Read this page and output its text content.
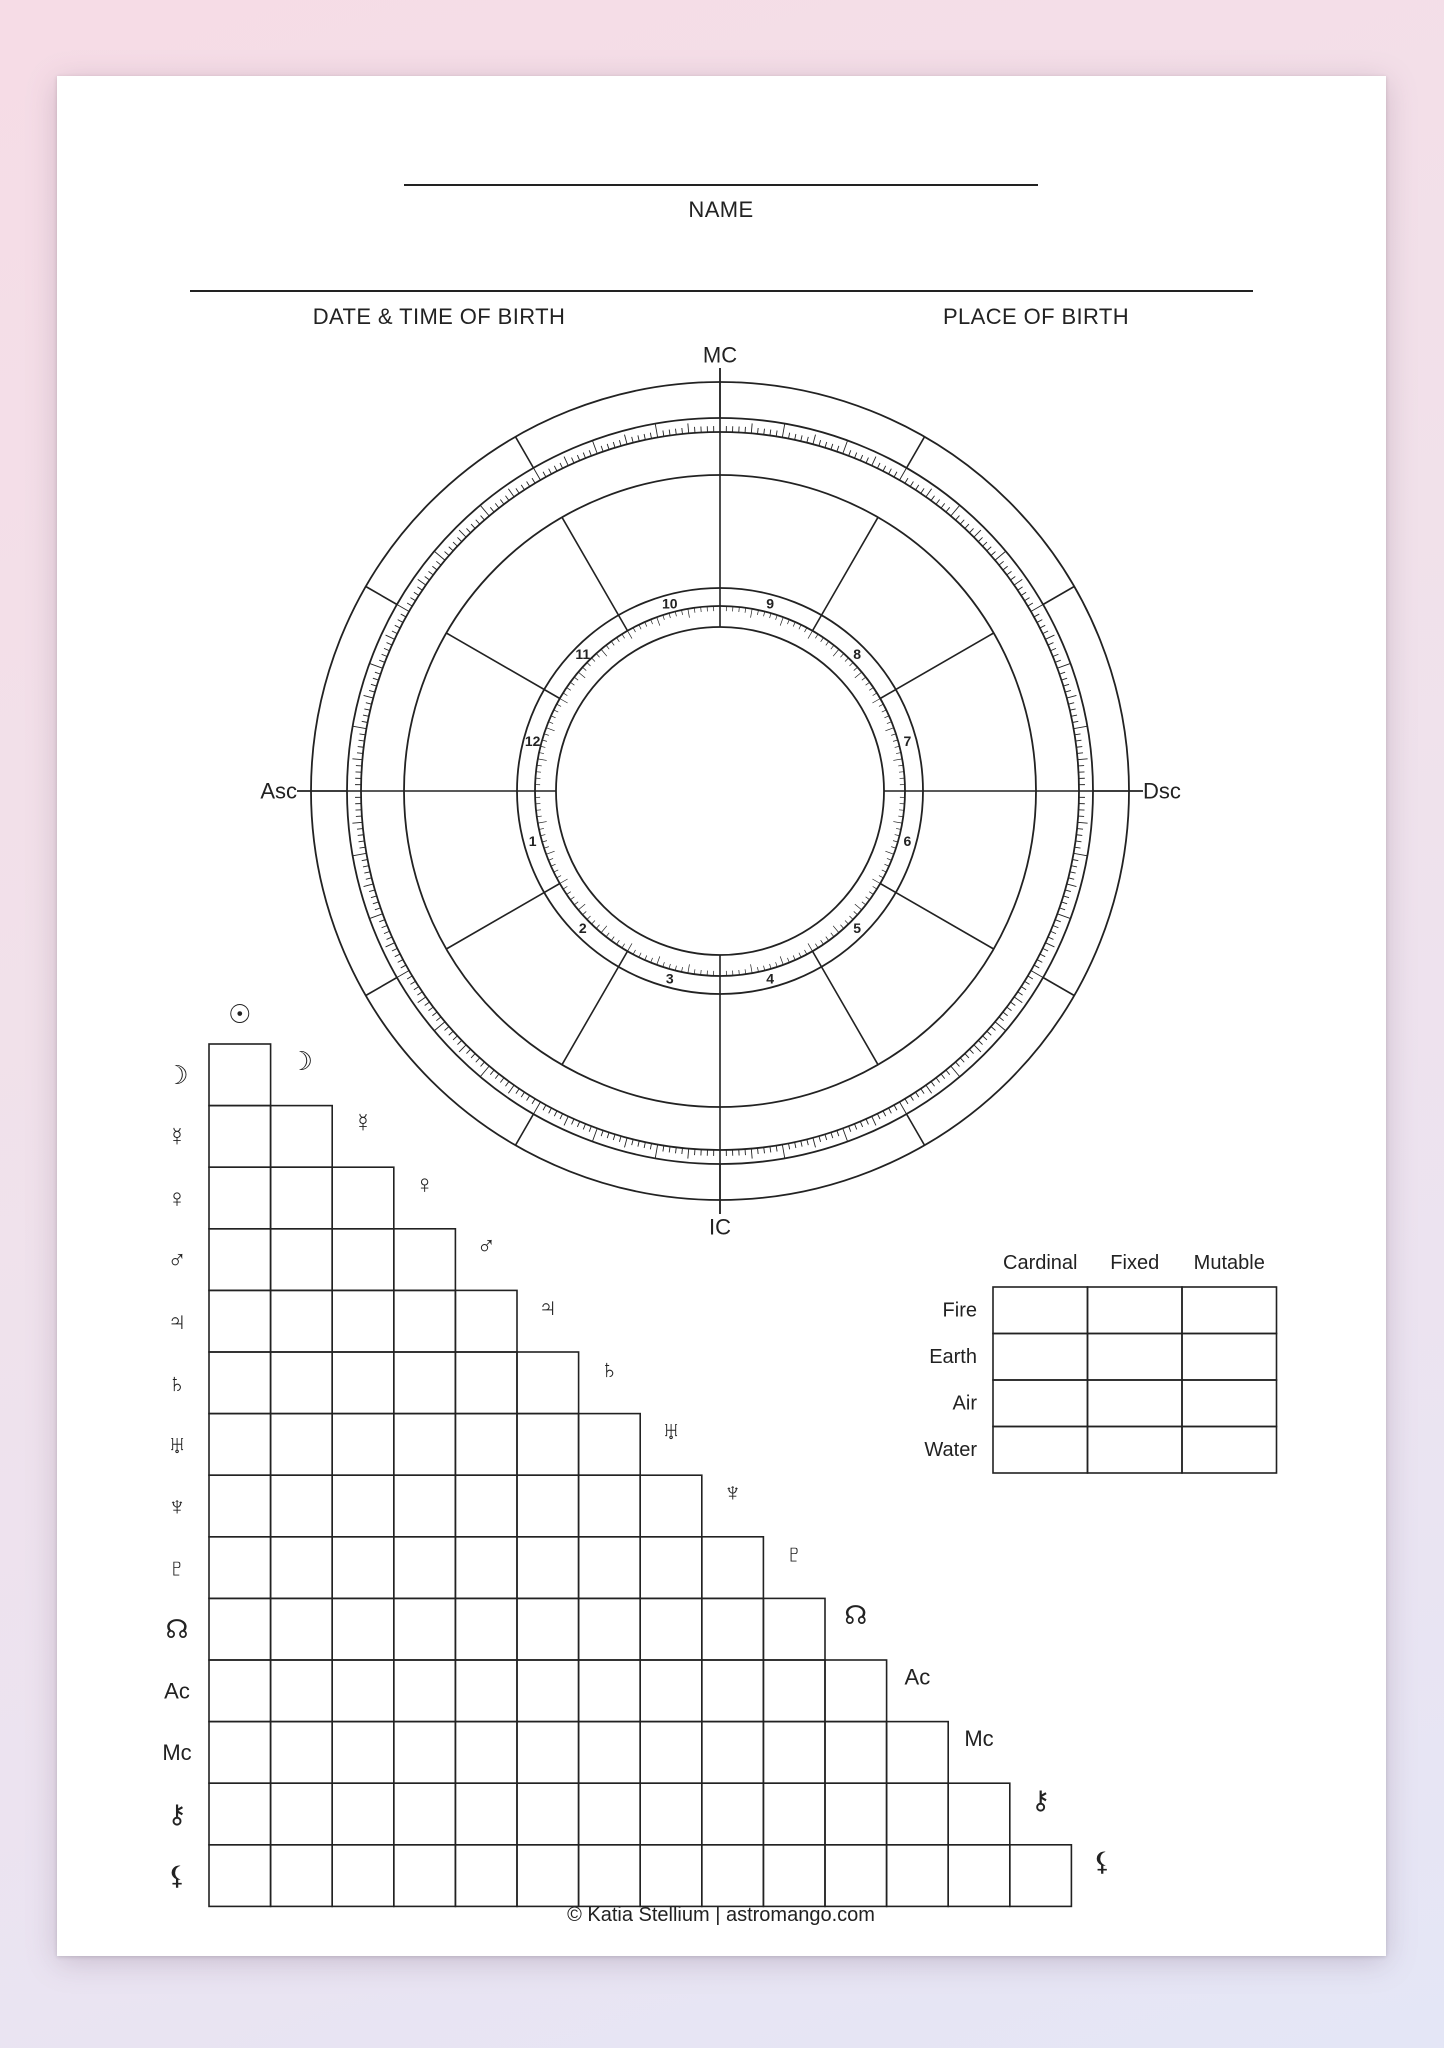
NAME
DATE & TIME OF BIRTH	PLACE OF BIRTH
1
2
3	4
5
6
7
8
9
10
11
12
MC
IC
Asc	Dsc
☉
☽	☽
☿	☿
♀	♀
♂	♂
♃	♃
♄	♄
♅	♅
♆	♆
♇	♇
☊	☊
Ac
Ac
Mc
Mc
⚷	⚷
⚸	⚸
Cardinal Fixed Mutable
Fire
Earth
Air
Water
© Katia Stellium | astromango.com
